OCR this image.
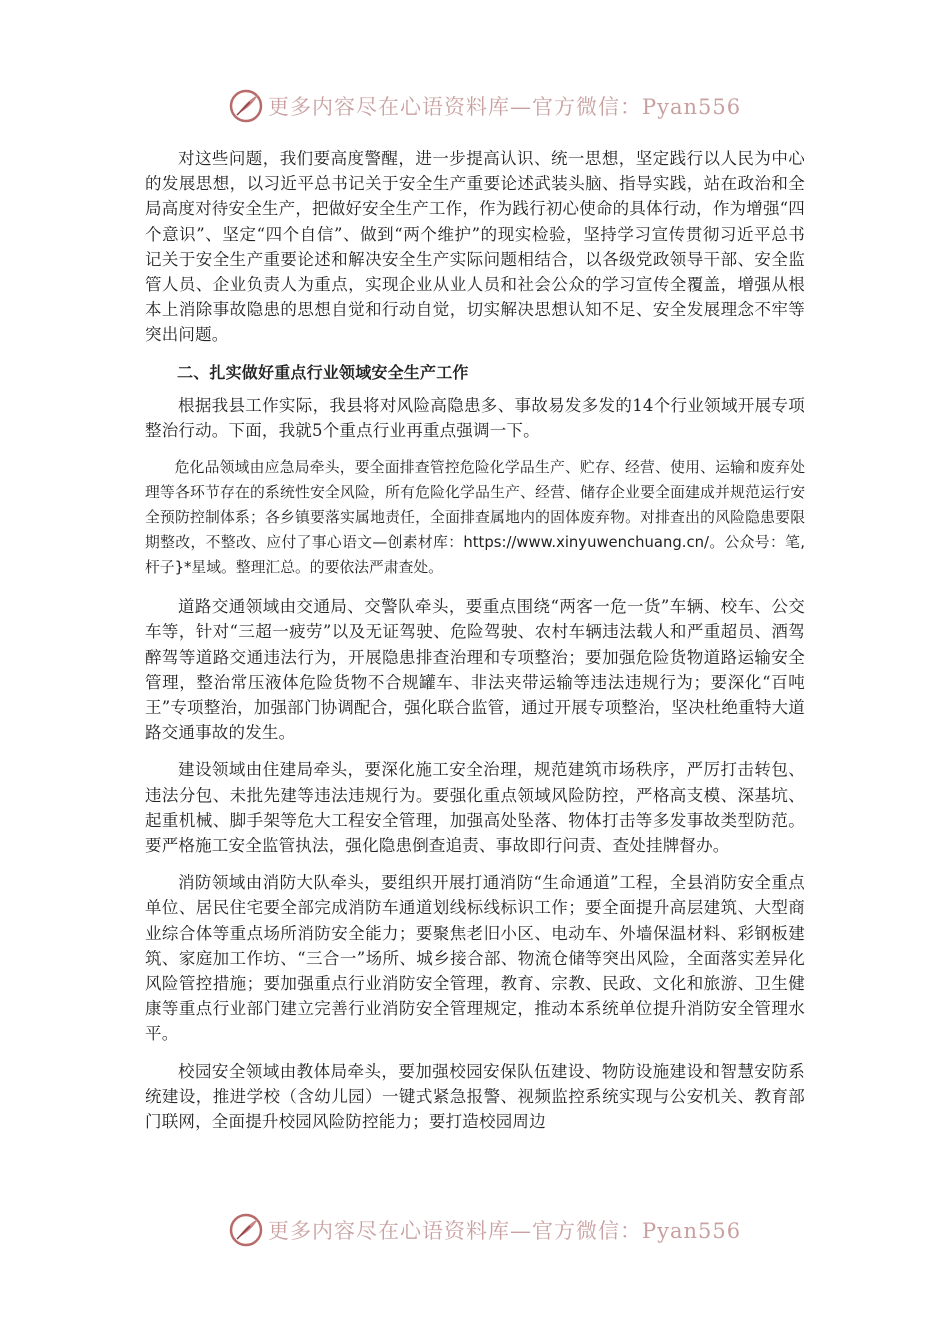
更多内容尽在心语资料库—官方微信：Pyan556

对这些问题，我们要高度警醒，进一步提高认识、统一思想，坚定践行以人民为中心的发展思想，以习近平总书记关于安全生产重要论述武装头脑、指导实践，站在政治和全局高度对待安全生产，把做好安全生产工作，作为践行初心使命的具体行动，作为增强“四个意识”、坚定“四个自信”、做到“两个维护”的现实检验，坚持学习宣传贯彻习近平总书记关于安全生产重要论述和解决安全生产实际问题相结合，以各级党政领导干部、安全监管人员、企业负责人为重点，实现企业从业人员和社会公众的学习宣传全覆盖，增强从根本上消除事故隐患的思想自觉和行动自觉，切实解决思想认知不足、安全发展理念不牢等突出问题。

二、扎实做好重点行业领域安全生产工作

根据我县工作实际，我县将对风险高隐患多、事故易发多发的14个行业领域开展专项整治行动。下面，我就5个重点行业再重点强调一下。

危化品领域由应急局牵头，要全面排查管控危险化学品生产、贮存、经营、使用、运输和废弃处理等各环节存在的系统性安全风险，所有危险化学品生产、经营、储存企业要全面建成并规范运行安全预防控制体系；各乡镇要落实属地责任，全面排查属地内的固体废弃物。对排查出的风险隐患要限期整改，不整改、应付了事心语文—创素材库：https://www.xinyuwenchuang.cn/。公众号：笔,杆子}*星域。整理汇总。的要依法严肃查处。

道路交通领域由交通局、交警队牵头，要重点围绕“两客一危一货”车辆、校车、公交车等，针对“三超一疲劳”以及无证驾驶、危险驾驶、农村车辆违法载人和严重超员、酒驾醉驾等道路交通违法行为，开展隐患排查治理和专项整治；要加强危险货物道路运输安全管理，整治常压液体危险货物不合规罐车、非法夹带运输等违法违规行为；要深化“百吨王”专项整治，加强部门协调配合，强化联合监管，通过开展专项整治，坚决杜绝重特大道路交通事故的发生。

建设领域由住建局牵头，要深化施工安全治理，规范建筑市场秩序，严厉打击转包、违法分包、未批先建等违法违规行为。要强化重点领域风险防控，严格高支模、深基坑、起重机械、脚手架等危大工程安全管理，加强高处坠落、物体打击等多发事故类型防范。要严格施工安全监管执法，强化隐患倒查追责、事故即行问责、查处挂牌督办。

消防领域由消防大队牵头，要组织开展打通消防“生命通道”工程，全县消防安全重点单位、居民住宅要全部完成消防车通道划线标线标识工作；要全面提升高层建筑、大型商业综合体等重点场所消防安全能力；要聚焦老旧小区、电动车、外墙保温材料、彩钢板建筑、家庭加工作坊、“三合一”场所、城乡接合部、物流仓储等突出风险，全面落实差异化风险管控措施；要加强重点行业消防安全管理，教育、宗教、民政、文化和旅游、卫生健康等重点行业部门建立完善行业消防安全管理规定，推动本系统单位提升消防安全管理水平。

校园安全领域由教体局牵头，要加强校园安保队伍建设、物防设施建设和智慧安防系统建设，推进学校（含幼儿园）一键式紧急报警、视频监控系统实现与公安机关、教育部门联网，全面提升校园风险防控能力；要打造校园周边

更多内容尽在心语资料库—官方微信：Pyan556
